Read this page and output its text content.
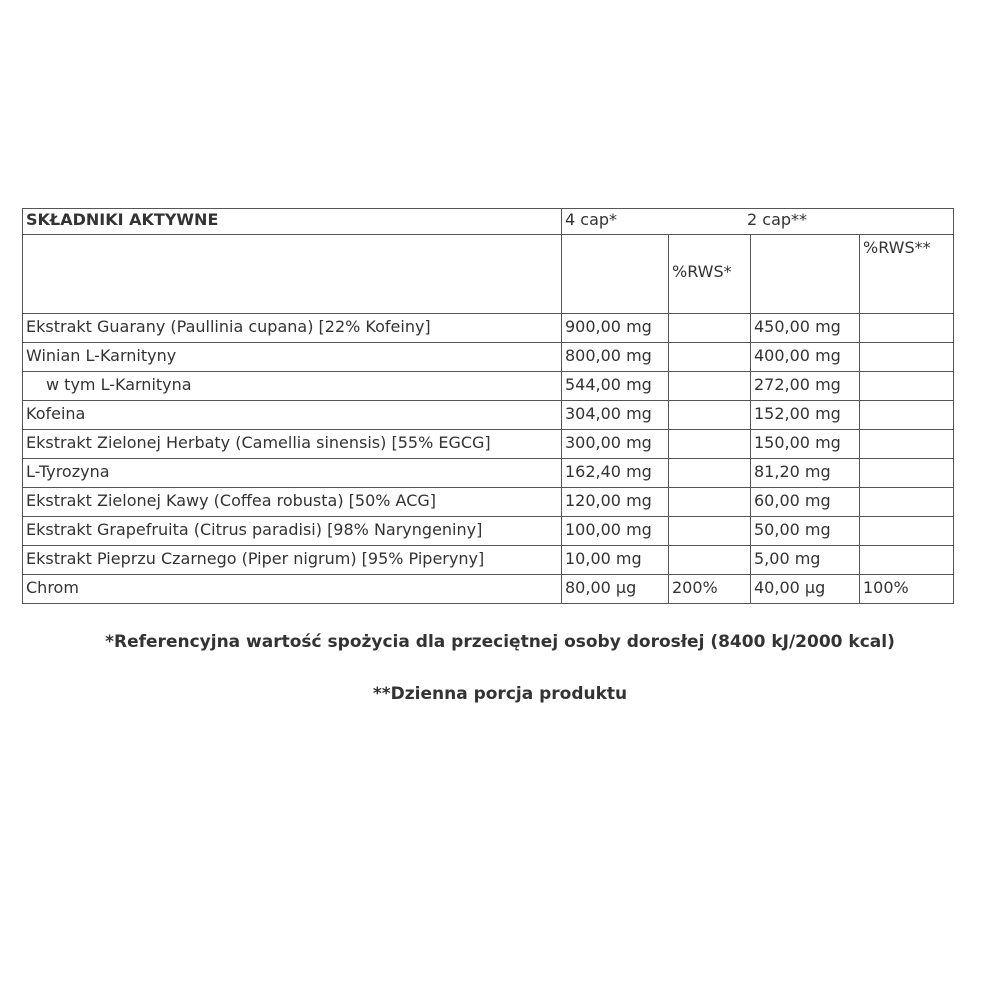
SKŁADNIKI AKTYWNE	4 cap* 2 cap**			

		%RWS*		%RWS**
Ekstrakt Guarany (Paullinia cupana) [22% Kofeiny]	900,00 mg		450,00 mg	
Winian L-Karnityny	800,00 mg		400,00 mg	
w tym L-Karnityna	544,00 mg		272,00 mg	
Kofeina	304,00 mg		152,00 mg	
Ekstrakt Zielonej Herbaty (Camellia sinensis) [55% EGCG]	300,00 mg		150,00 mg	
L-Tyrozyna	162,40 mg		81,20 mg	
Ekstrakt Zielonej Kawy (Coffea robusta) [50% ACG]	120,00 mg		60,00 mg	
Ekstrakt Grapefruita (Citrus paradisi) [98% Naryngeniny]	100,00 mg		50,00 mg	
Ekstrakt Pieprzu Czarnego (Piper nigrum) [95% Piperyny]	10,00 mg		5,00 mg	
Chrom	80,00 µg	200%	40,00 µg	100%

*Referencyjna wartość spożycia dla przeciętnej osoby dorosłej (8400 kJ/2000 kcal)

**Dzienna porcja produktu
